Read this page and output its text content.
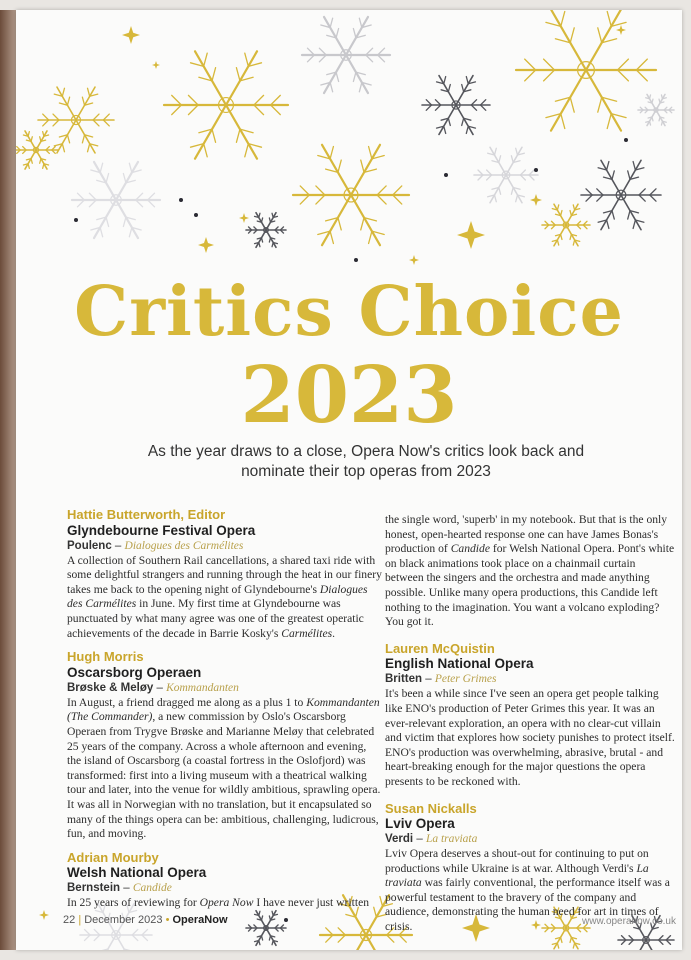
Critics Choice
2023
As the year draws to a close, Opera Now's critics look back and nominate their top operas from 2023
Hattie Butterworth, Editor
Glyndebourne Festival Opera
Poulenc – Dialogues des Carmélites
A collection of Southern Rail cancellations, a shared taxi ride with some delightful strangers and running through the heat in our finery takes me back to the opening night of Glyndebourne's Dialogues des Carmélites in June. My first time at Glyndebourne was punctuated by what many agree was one of the greatest operatic achievements of the decade in Barrie Kosky's Carmélites.
Hugh Morris
Oscarsborg Operaen
Brøske & Meløy – Kommandanten
In August, a friend dragged me along as a plus 1 to Kommandanten (The Commander), a new commission by Oslo's Oscarsborg Operaen from Trygve Brøske and Marianne Meløy that celebrated 25 years of the company. Across a whole afternoon and evening, the island of Oscarsborg (a coastal fortress in the Oslofjord) was transformed: first into a living museum with a theatrical walking tour and later, into the venue for wildly ambitious, sprawling opera. It was all in Norwegian with no translation, but it encapsulated so many of the things opera can be: ambitious, challenging, ludicrous, fun, and moving.
Adrian Mourby
Welsh National Opera
Bernstein – Candide
In 25 years of reviewing for Opera Now I have never just written
the single word, 'superb' in my notebook. But that is the only honest, open-hearted response one can have James Bonas's production of Candide for Welsh National Opera. Pont's white on black animations took place on a chainmail curtain between the singers and the orchestra and made anything possible. Unlike many opera productions, this Candide left nothing to the imagination. You want a volcano exploding? You got it.
Lauren McQuistin
English National Opera
Britten – Peter Grimes
It's been a while since I've seen an opera get people talking like ENO's production of Peter Grimes this year. It was an ever-relevant exploration, an opera with no clear-cut villain and victim that explores how society punishes to protect itself. ENO's production was overwhelming, abrasive, brutal - and heart-breaking enough for the major questions the opera presents to be reckoned with.
Susan Nickalls
Lviv Opera
Verdi – La traviata
Lviv Opera deserves a shout-out for continuing to put on productions while Ukraine is at war. Although Verdi's La traviata was fairly conventional, the performance itself was a powerful testament to the bravery of the company and audience, demonstrating the human need for art in times of crisis.
22 | December 2023 • OperaNow	www.operanow.co.uk
